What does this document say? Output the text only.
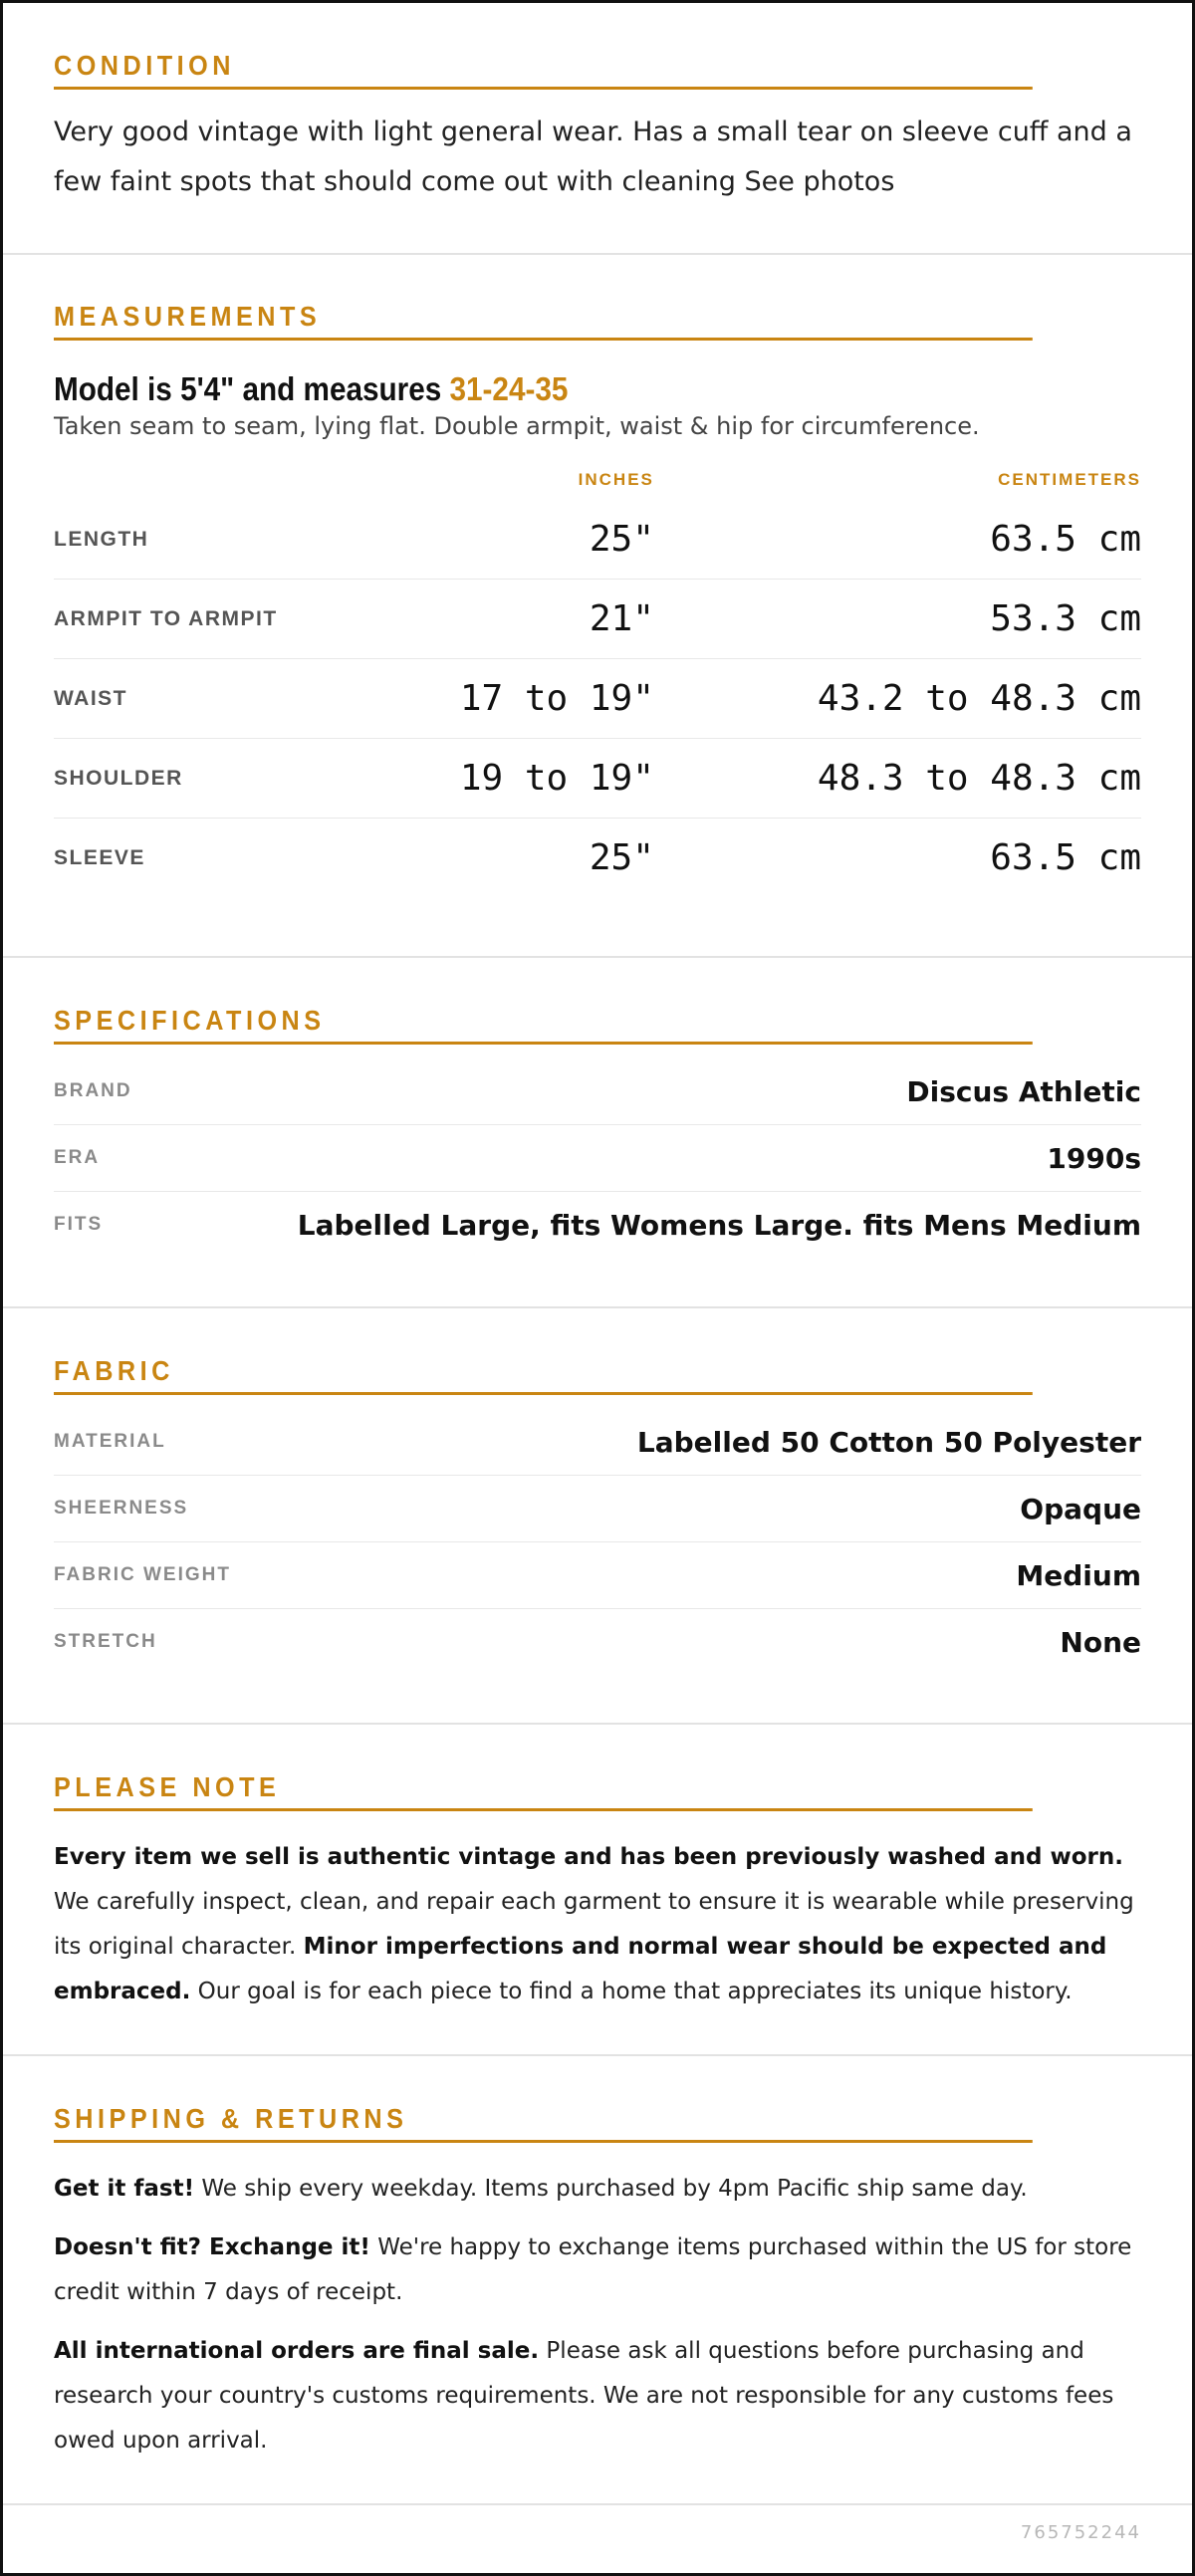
CONDITION
Very good vintage with light general wear. Has a small tear on sleeve cuff and a few faint spots that should come out with cleaning See photos
MEASUREMENTS
Model is 5'4" and measures 31-24-35
Taken seam to seam, lying flat. Double armpit, waist & hip for circumference.
INCHES	CENTIMETERS
LENGTH	25"	63.5 cm
ARMPIT TO ARMPIT	21"	53.3 cm
WAIST	17 to 19"	43.2 to 48.3 cm
SHOULDER	19 to 19"	48.3 to 48.3 cm
SLEEVE	25"	63.5 cm
SPECIFICATIONS
BRAND	Discus Athletic
ERA	1990s
FITS	Labelled Large, fits Womens Large. fits Mens Medium
FABRIC
MATERIAL	Labelled 50 Cotton 50 Polyester
SHEERNESS	Opaque
FABRIC WEIGHT	Medium
STRETCH	None
PLEASE NOTE
Every item we sell is authentic vintage and has been previously washed and worn. We carefully inspect, clean, and repair each garment to ensure it is wearable while preserving its original character. Minor imperfections and normal wear should be expected and embraced. Our goal is for each piece to find a home that appreciates its unique history.
SHIPPING & RETURNS
Get it fast! We ship every weekday. Items purchased by 4pm Pacific ship same day.
Doesn't fit? Exchange it! We're happy to exchange items purchased within the US for store credit within 7 days of receipt.
All international orders are final sale. Please ask all questions before purchasing and research your country's customs requirements. We are not responsible for any customs fees owed upon arrival.
765752244
